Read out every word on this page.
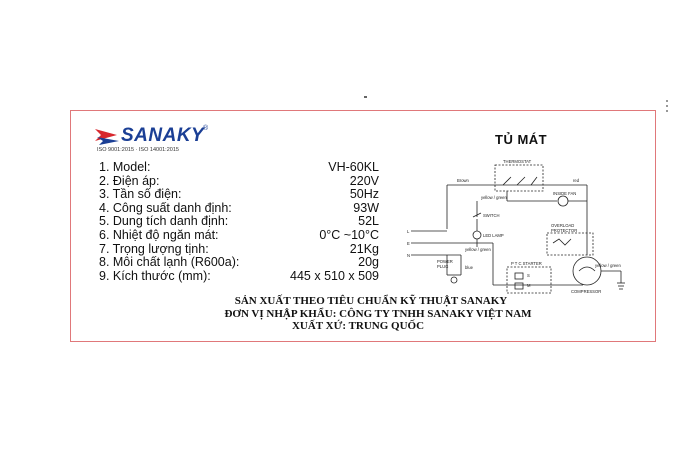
SANAKY
®
ISO 9001:2015 · ISO 14001:2015
1. Model:	VH-60KL
2. Điện áp:	220V
3. Tần số điện:	50Hz
4. Công suất danh định:	93W
5. Dung tích danh định:	52L
6. Nhiệt độ ngăn mát:	0°C ~10°C
7. Trọng lượng tịnh:	21Kg
8. Môi chất lạnh (R600a):	20g
9. Kích thước (mm):	445 x 510 x 509
TỦ MÁT
THERMOSTAT
Brown	red
yellow / green
INSIDE FAN
SWITCH
LED LAMP
OVERLOAD
PROTECTOR
L
E
N
yellow / green
blue
POWER
PLUG
P T C STARTER
COMPRESSOR
yellow / green
S
M
SẢN XUẤT THEO TIÊU CHUẨN KỸ THUẬT SANAKY
ĐƠN VỊ NHẬP KHẨU: CÔNG TY TNHH SANAKY VIỆT NAM
XUẤT XỨ: TRUNG QUỐC
